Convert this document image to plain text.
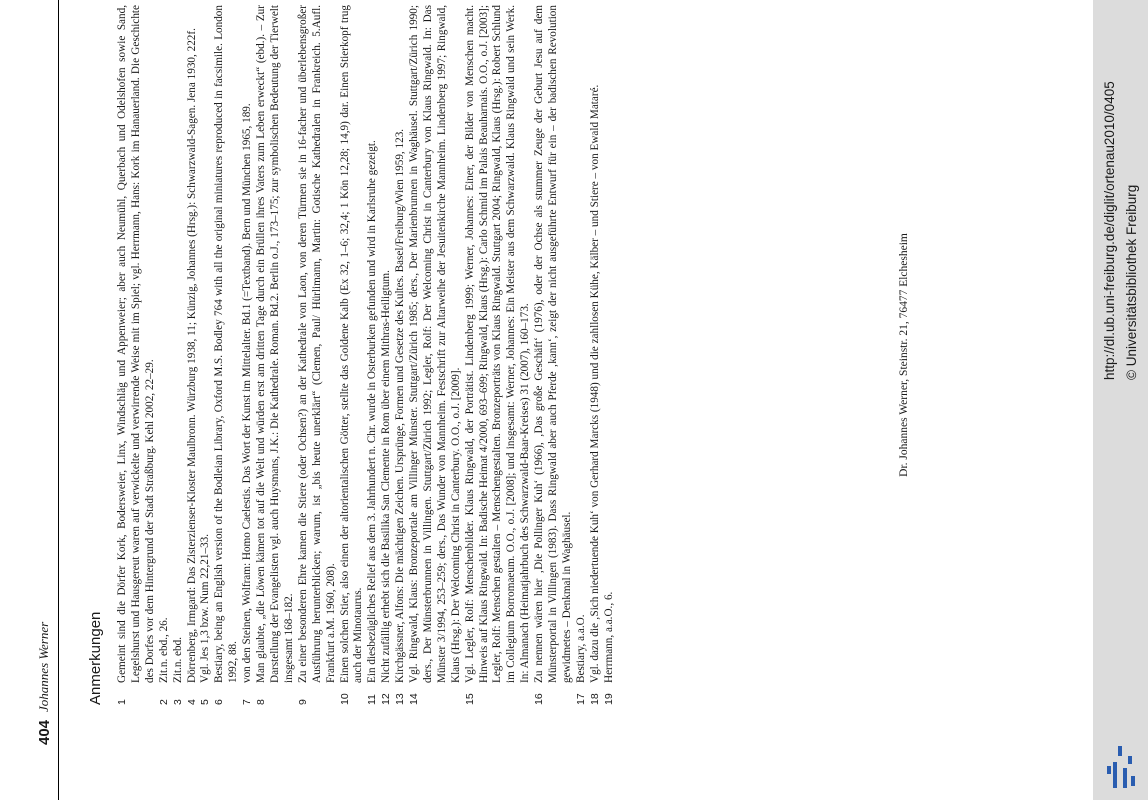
404
Johannes Werner Anmerkungen 1
Gemeint sind die Dörfer Kork, Bodersweier, Linx, Windschläg und Appenweier; aber auch Neumühl, Querbach und Odelshofen sowie Sand, Legelshurst und Hausgereut waren auf verwickelte und verwirrende Weise mit im Spiel; vgl. Herrmann, Hans: Kork im Hanauerland. Die Geschichte des Dorfes vor dem Hintergrund der Stadt Straßburg. Kehl 2002, 22–29.
2
Zit.n. ebd., 26.
3
Zit.n. ebd.
4
Dörrenberg, Irmgard: Das Zisterzienser-Kloster Maulbronn. Würzburg 1938, 11; Künzig, Johannes (Hrsg.): Schwarzwald-Sagen. Jena 1930, 222f.
5
Vgl. Jes 1,3 bzw. Num 22,21–33.
6
Bestiary, being an English version of the Bodleian Library, Oxford M.S. Bodley 764 with all the original miniatures reproduced in facsimile. London 1992, 88.
7
von den Steinen, Wolfram: Homo Caelestis. Das Wort der Kunst im Mittelalter. Bd.1 (=Textband). Bern und München 1965, 189.
8
Man glaubte, „die Löwen kämen tot auf die Welt und würden erst am dritten Tage durch ein Brüllen ihres Vaters zum Leben erweckt“ (ebd.). – Zur Darstellung der Evangelisten vgl. auch Huysmans, J.K.: Die Kathedrale. Roman. Bd.2. Berlin o.J., 173–175; zur symbolischen Bedeutung der Tierwelt insgesamt 168–182.
9
Zu einer besonderen Ehre kamen die Stiere (oder Ochsen?) an der Kathedrale von Laon, von deren Türmen sie in 16-facher und überlebensgroßer Ausführung herunterblicken; warum, ist „bis heute unerklärt“ (Clemen, Paul/ Hürlimann, Martin: Gotische Kathedralen in Frankreich. 5.Aufl. Frankfurt a.M. 1960, 208).
10
Einen solchen Stier, also einen der altorientalischen Götter, stellte das Goldene Kalb (Ex 32, 1–6; 32,4; 1 Kön 12,28; 14,9) dar. Einen Stierkopf trug auch der Minotaurus.
11
Ein diesbezügliches Relief aus dem 3. Jahrhundert n. Chr. wurde in Osterburken gefunden und wird in Karlsruhe gezeigt.
12
Nicht zufällig erhebt sich die Basilika San Clemente in Rom über einem Mithras-Heiligtum.
13
Kirchgässner, Alfons: Die mächtigen Zeichen. Ursprünge, Formen und Gesetze des Kultes. Basel/Freiburg/Wien 1959, 123.
14
Vgl. Ringwald, Klaus: Bronzeportale am Villinger Münster. Stuttgart/Zürich 1985; ders., Der Marienbrunnen in Waghäusel. Stuttgart/Zürich 1990; ders., Der Münsterbrunnen in Villingen. Stuttgart/Zürich 1992; Legler, Rolf: Der Welcoming Christ in Canterbury von Klaus Ringwald. In: Das Münster 3/1994, 253–259; ders., Das Wunder von Mannheim. Festschrift zur Altarweihe der Jesuitenkirche Mannheim. Lindenberg 1997; Ringwald, Klaus (Hrsg.): Der Welcoming Christ in Canterbury. O.O., o.J. [2009].
15
Vgl. Legler, Rolf: Menschenbilder. Klaus Ringwald, der Porträtist. Lindenberg 1999; Werner, Johannes: Einer, der Bilder von Menschen macht. Hinweis auf Klaus Ringwald. In: Badische Heimat 4/2000, 693–699; Ringwald, Klaus (Hrsg.): Carlo Schmid im Palais Beauharnais. O.O., o.J. [2003]; Legler, Rolf: Menschen gestalten – Menschengestalten. Bronzeporträts von Klaus Ringwald. Stuttgart 2004; Ringwald, Klaus (Hrsg.): Robert Schlund im Collegium Borromaeum. O.O., o.J. [2008]; und insgesamt: Werner, Johannes: Ein Meister aus dem Schwarzwald. Klaus Ringwald und sein Werk. In: Almanach (Heimatjahrbuch des Schwarzwald-Baar-Kreises) 31 (2007), 160–173.
16
Zu nennen wären hier ‚Die Pollinger Kuh‘ (1966), ‚Das große Geschäft‘ (1976), oder der Ochse als stummer Zeuge der Geburt Jesu auf dem Münsterportal in Villingen (1983). Dass Ringwald aber auch Pferde ‚kann‘, zeigt der nicht ausgeführte Entwurf für ein – der badischen Revolution gewidmetes – Denkmal in Waghäusel.
17
Bestiary, a.a.O.
18
Vgl. dazu die ‚Sich niedertuende Kuh‘ von Gerhard Marcks (1948) und die zahllosen Kühe, Kälber – und Stiere – von Ewald Mataré.
19
Herrmann, a.a.O., 6.
Dr. Johannes Werner, Steinstr. 21, 76477 Elchesheim	http://dl.ub.uni-freiburg.de/diglit/ortenau2010/0405 © Universitätsbibliothek Freiburg
